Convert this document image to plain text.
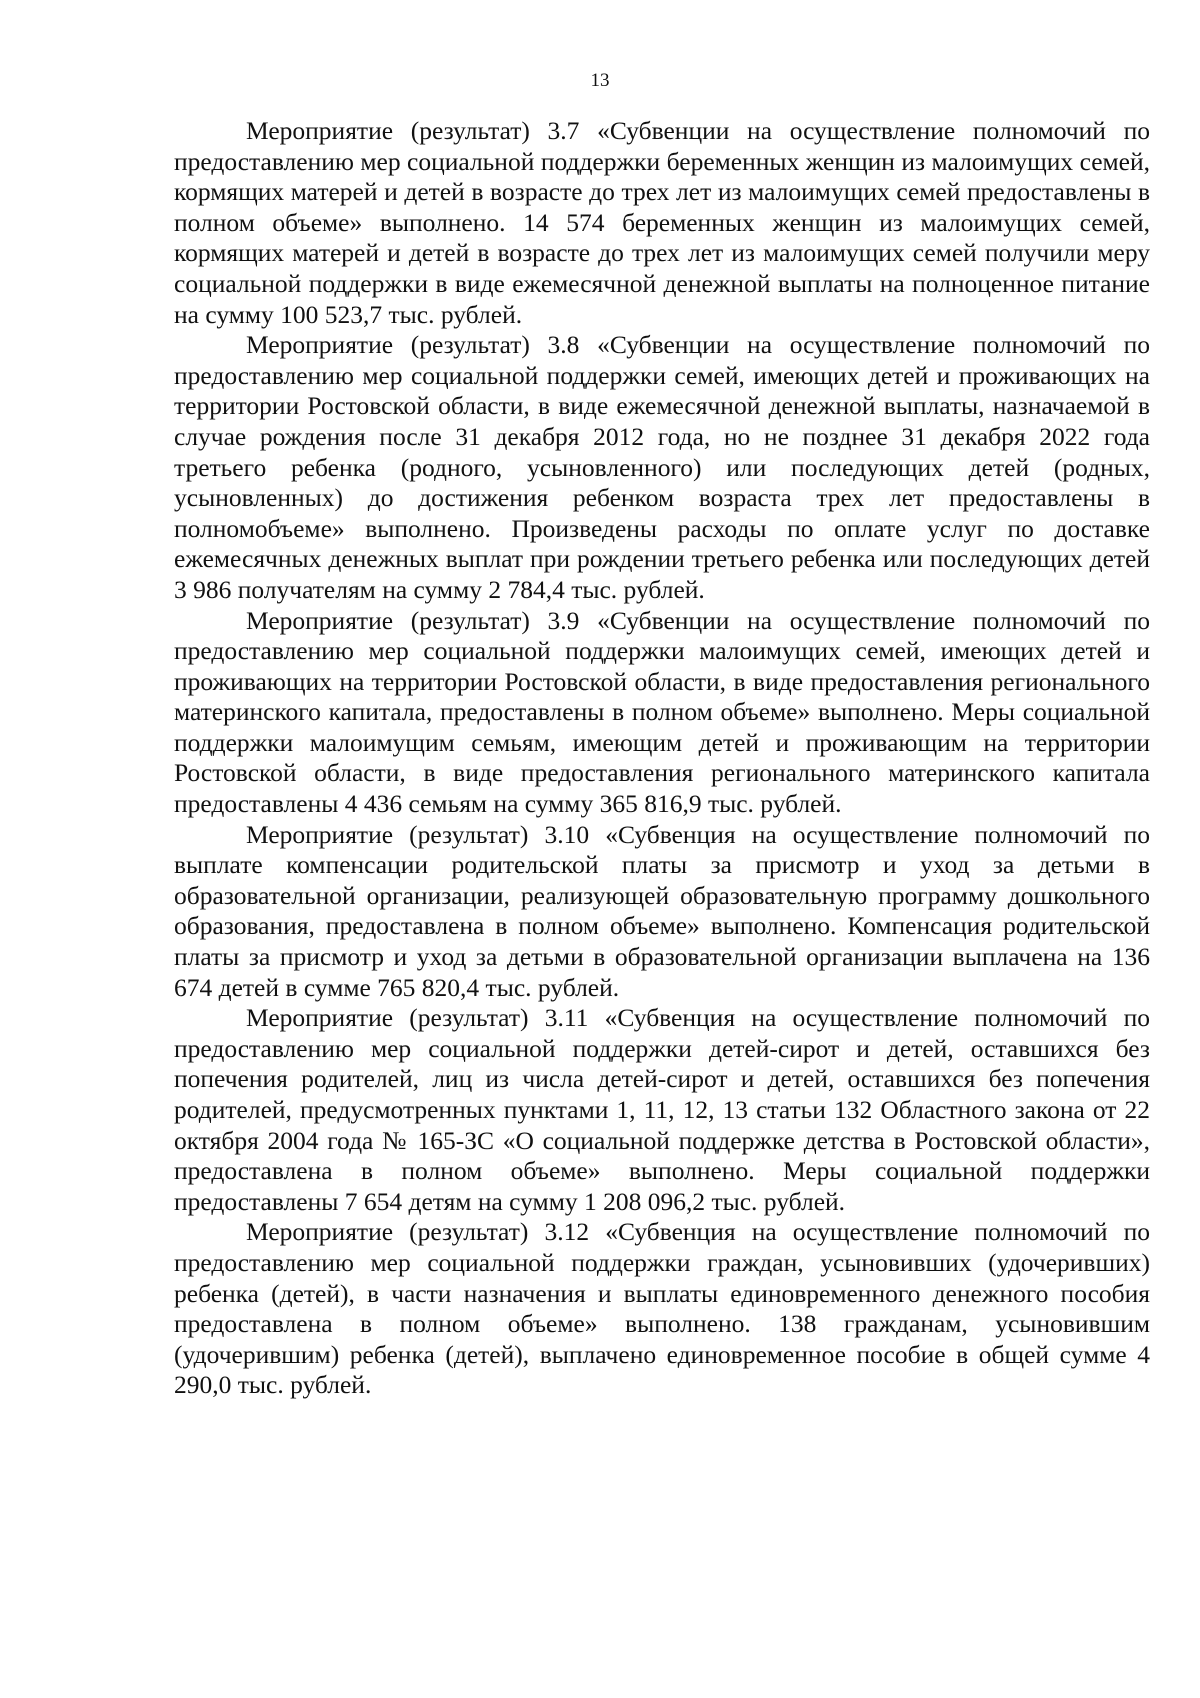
13

Мероприятие (результат) 3.7 «Субвенции на осуществление полномочий по предоставлению мер социальной поддержки беременных женщин из малоимущих семей, кормящих матерей и детей в возрасте до трех лет из малоимущих семей предоставлены в полном объеме» выполнено. 14 574 беременных женщин из малоимущих семей, кормящих матерей и детей в возрасте до трех лет из малоимущих семей получили меру социальной поддержки в виде ежемесячной денежной выплаты на полноценное питание на сумму 100 523,7 тыс. рублей.

Мероприятие (результат) 3.8 «Субвенции на осуществление полномочий по предоставлению мер социальной поддержки семей, имеющих детей и проживающих на территории Ростовской области, в виде ежемесячной денежной выплаты, назначаемой в случае рождения после 31 декабря 2012 года, но не позднее 31 декабря 2022 года третьего ребенка (родного, усыновленного) или последующих детей (родных, усыновленных) до достижения ребенком возраста трех лет предоставлены в полномобъеме» выполнено. Произведены расходы по оплате услуг по доставке ежемесячных денежных выплат при рождении третьего ребенка или последующих детей 3 986 получателям на сумму 2 784,4 тыс. рублей.

Мероприятие (результат) 3.9 «Субвенции на осуществление полномочий по предоставлению мер социальной поддержки малоимущих семей, имеющих детей и проживающих на территории Ростовской области, в виде предоставления регионального материнского капитала, предоставлены в полном объеме» выполнено. Меры социальной поддержки малоимущим семьям, имеющим детей и проживающим на территории Ростовской области, в виде предоставления регионального материнского капитала предоставлены 4 436 семьям на сумму 365 816,9 тыс. рублей.

Мероприятие (результат) 3.10 «Субвенция на осуществление полномочий по выплате компенсации родительской платы за присмотр и уход за детьми в образовательной организации, реализующей образовательную программу дошкольного образования, предоставлена в полном объеме» выполнено. Компенсация родительской платы за присмотр и уход за детьми в образовательной организации выплачена на 136 674 детей в сумме 765 820,4 тыс. рублей.

Мероприятие (результат) 3.11 «Субвенция на осуществление полномочий по предоставлению мер социальной поддержки детей-сирот и детей, оставшихся без попечения родителей, лиц из числа детей-сирот и детей, оставшихся без попечения родителей, предусмотренных пунктами 1, 11, 12, 13 статьи 132 Областного закона от 22 октября 2004 года № 165-ЗС «О социальной поддержке детства в Ростовской области», предоставлена в полном объеме» выполнено. Меры социальной поддержки предоставлены 7 654 детям на сумму 1 208 096,2 тыс. рублей.

Мероприятие (результат) 3.12 «Субвенция на осуществление полномочий по предоставлению мер социальной поддержки граждан, усыновивших (удочеривших) ребенка (детей), в части назначения и выплаты единовременного денежного пособия предоставлена в полном объеме» выполнено. 138 гражданам, усыновившим (удочерившим) ребенка (детей), выплачено единовременное пособие в общей сумме 4 290,0 тыс. рублей.
